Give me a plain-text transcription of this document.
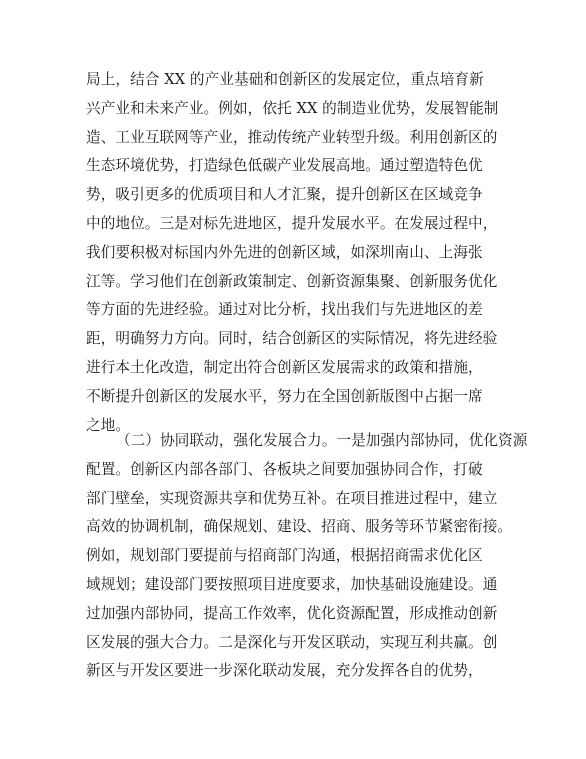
局上，结合 XX 的产业基础和创新区的发展定位，重点培育新
兴产业和未来产业。例如，依托 XX 的制造业优势，发展智能制
造、工业互联网等产业，推动传统产业转型升级。利用创新区的
生态环境优势，打造绿色低碳产业发展高地。通过塑造特色优
势，吸引更多的优质项目和人才汇聚，提升创新区在区域竞争
中的地位。三是对标先进地区，提升发展水平。在发展过程中，
我们要积极对标国内外先进的创新区域，如深圳南山、上海张
江等。学习他们在创新政策制定、创新资源集聚、创新服务优化
等方面的先进经验。通过对比分析，找出我们与先进地区的差
距，明确努力方向。同时，结合创新区的实际情况，将先进经验
进行本土化改造，制定出符合创新区发展需求的政策和措施，
不断提升创新区的发展水平，努力在全国创新版图中占据一席
之地。
（二）协同联动，强化发展合力。一是加强内部协同，优化资源
配置。创新区内部各部门、各板块之间要加强协同合作，打破
部门壁垒，实现资源共享和优势互补。在项目推进过程中，建立
高效的协调机制，确保规划、建设、招商、服务等环节紧密衔接。
例如，规划部门要提前与招商部门沟通，根据招商需求优化区
域规划；建设部门要按照项目进度要求，加快基础设施建设。通
过加强内部协同，提高工作效率，优化资源配置，形成推动创新
区发展的强大合力。二是深化与开发区联动，实现互利共赢。创
新区与开发区要进一步深化联动发展，充分发挥各自的优势，
